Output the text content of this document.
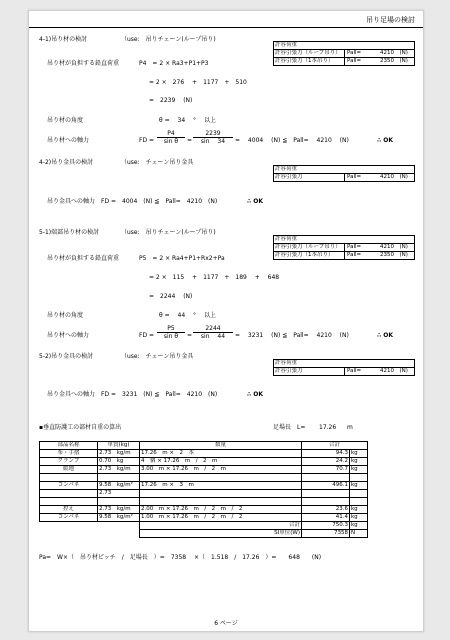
吊り足場の検討
4-1)吊り材の検討	（use:　吊りチェーン(ループ吊り)
許容荷重
許容引張力（ループ吊り） Pall=	4210　(N)
許容引張力（1本吊り） Pall=	2350　(N)
吊り材が負担する鉛直荷重	P4　= 2 × Ra3+P1+P3
= 2 ×　276　 +　1177　+　510
=　2239　 (N)
吊り材の角度	θ =　 34　 °　 以上
吊り材への軸力	FD = $\frac{P4}{\text{sin θ}} = \frac{2239}{\sin 34}$ =　 4004　 (N) ≦　Pall=　 4210　 (N)	∴ OK
4-2)吊り金具の検討	（use:　チェーン吊り金具
許容荷重
許容引張力	Pall=	4210　(N)
吊り金具への軸力　FD =　4004　(N) ≦　Pall=　4210　(N)	∴ OK
5-1)端部吊り材の検討	（use:　吊りチェーン(ループ吊り)
許容荷重
許容引張力（ループ吊り） Pall=	4210　(N)
許容引張力（1本吊り） Pall=	2350　(N)
吊り材が負担する鉛直荷重	P5　= 2 × Ra4+P1+Rx2+Pa
= 2 ×　115　 +　1177　+　189　 +　 648
=　2244　 (N)
吊り材の角度	θ =　 44　 °　 以上
吊り材への軸力	FD = $\frac{P5}{\text{sin θ}} = \frac{2244}{\sin 44}$ =　 3231　 (N) ≦　Pall=　 4210　 (N)	∴ OK
5-2)吊り金具の検討	（use:　チェーン吊り金具
許容荷重
許容引張力	Pall=	4210　(N)
吊り金具への軸力　FD =　3231　(N) ≦　Pall=　4210　(N)	∴ OK
▪垂直防護工の部材自重の算出	足場長　L= 17.26 m
部品名称	単質(kg)	数量	合計	
布・手摺	2.73　kg/m	17.26　m ×　2　本	94.3	kg
クランプ	0.70　kg	4　個 × 17.26　m　/　2　m	24.2	kg
緩地	2.73　kg/m	3.00　m × 17.26　m　/　2　m	70.7	kg

コンパネ	9.58　kg/m²	17.26　m ×　3　m	496.1	kg
	2.73			

控え	2.73　kg/m	2.00　m × 17.26　m　/　2　m　/　2	23.6	kg
コンパネ	9.58　kg/m²	1.00　m × 17.26　m　/　2　m　/　2	41.4	kg
		合計	750.3	kg
		SI単位(W)	7358	N
Pa=　W×（　吊り材ピッチ　/　足場長　）=　7358　 ×（　1.518　/　17.26　）=　　648　　(N)
6 ページ
